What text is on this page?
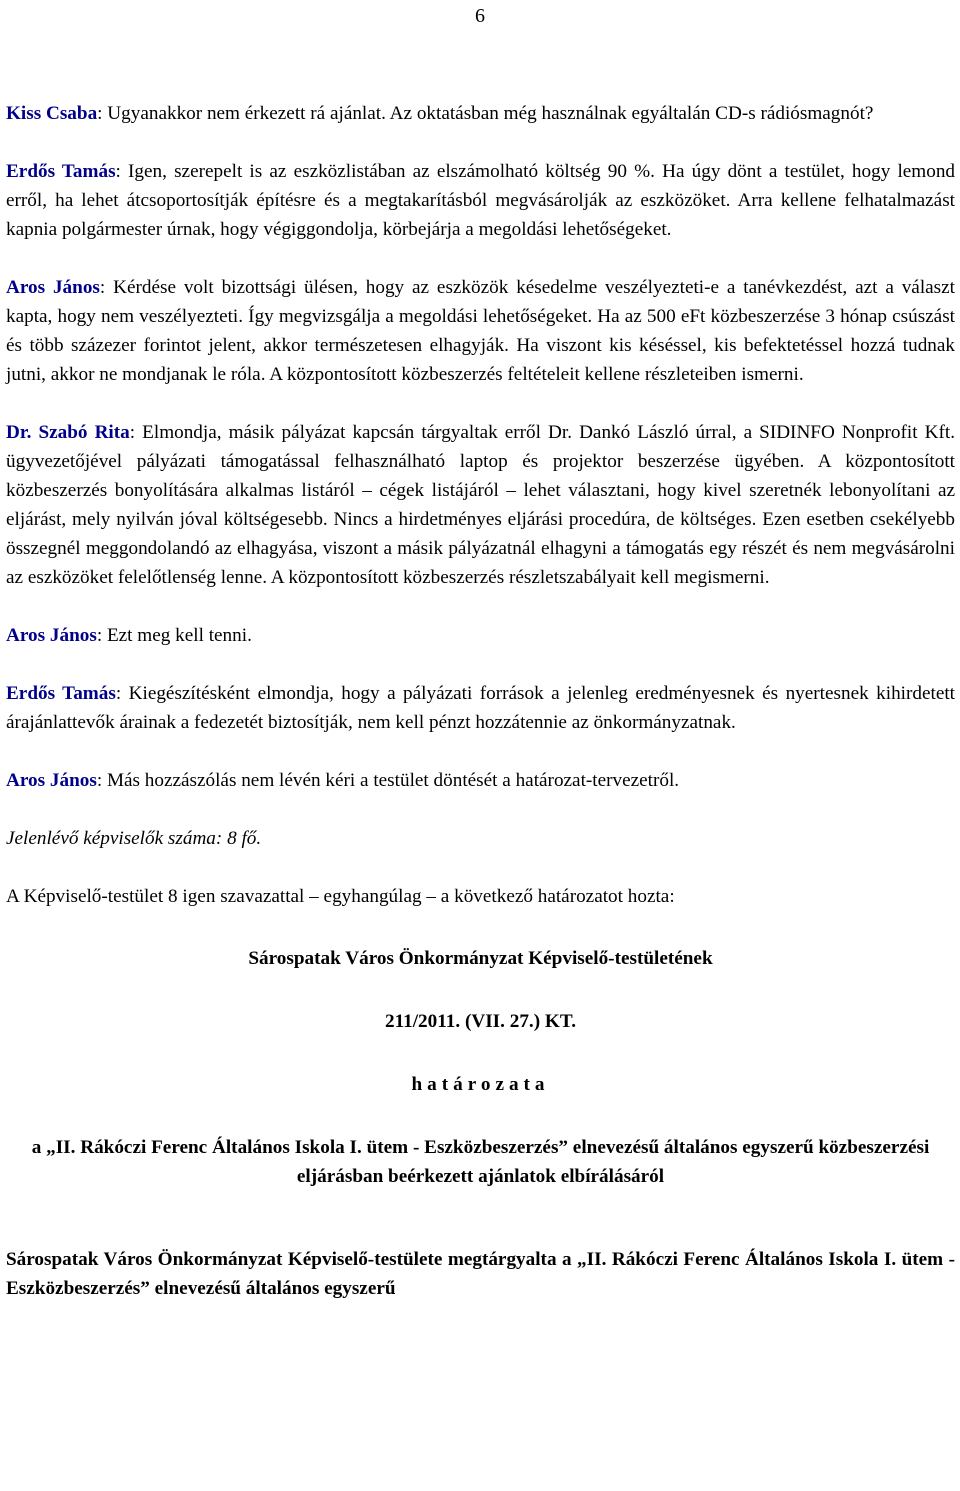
6

Kiss Csaba: Ugyanakkor nem érkezett rá ajánlat. Az oktatásban még használnak egyáltalán CD-s rádiósmagnót?

Erdős Tamás: Igen, szerepelt is az eszközlistában az elszámolható költség 90 %. Ha úgy dönt a testület, hogy lemond erről, ha lehet átcsoportosítják építésre és a megtakarításból megvásárolják az eszközöket. Arra kellene felhatalmazást kapnia polgármester úrnak, hogy végiggondolja, körbejárja a megoldási lehetőségeket.

Aros János: Kérdése volt bizottsági ülésen, hogy az eszközök késedelme veszélyezteti-e a tanévkezdést, azt a választ kapta, hogy nem veszélyezteti. Így megvizsgálja a megoldási lehetőségeket. Ha az 500 eFt közbeszerzése 3 hónap csúszást és több százezer forintot jelent, akkor természetesen elhagyják. Ha viszont kis késéssel, kis befektetéssel hozzá tudnak jutni, akkor ne mondjanak le róla. A központosított közbeszerzés feltételeit kellene részleteiben ismerni.

Dr. Szabó Rita: Elmondja, másik pályázat kapcsán tárgyaltak erről Dr. Dankó László úrral, a SIDINFO Nonprofit Kft. ügyvezetőjével pályázati támogatással felhasználható laptop és projektor beszerzése ügyében. A központosított közbeszerzés bonyolítására alkalmas listáról – cégek listájáról – lehet választani, hogy kivel szeretnék lebonyolítani az eljárást, mely nyilván jóval költségesebb. Nincs a hirdetményes eljárási procedúra, de költséges. Ezen esetben csekélyebb összegnél meggondolandó az elhagyása, viszont a másik pályázatnál elhagyni a támogatás egy részét és nem megvásárolni az eszközöket felelőtlenség lenne. A központosított közbeszerzés részletszabályait kell megismerni.

Aros János: Ezt meg kell tenni.

Erdős Tamás: Kiegészítésként elmondja, hogy a pályázati források a jelenleg eredményesnek és nyertesnek kihirdetett árajánlattevők árainak a fedezetét biztosítják, nem kell pénzt hozzátennie az önkormányzatnak.

Aros János: Más hozzászólás nem lévén kéri a testület döntését a határozat-tervezetről.

Jelenlévő képviselők száma: 8 fő.

A Képviselő-testület 8 igen szavazattal – egyhangúlag – a következő határozatot hozta:

Sárospatak Város Önkormányzat Képviselő-testületének
211/2011. (VII. 27.) KT.
határozata
a „II. Rákóczi Ferenc Általános Iskola I. ütem - Eszközbeszerzés” elnevezésű általános egyszerű közbeszerzési eljárásban beérkezett ajánlatok elbírálásáról
Sárospatak Város Önkormányzat Képviselő-testülete megtárgyalta a „II. Rákóczi Ferenc Általános Iskola I. ütem - Eszközbeszerzés” elnevezésű általános egyszerű
